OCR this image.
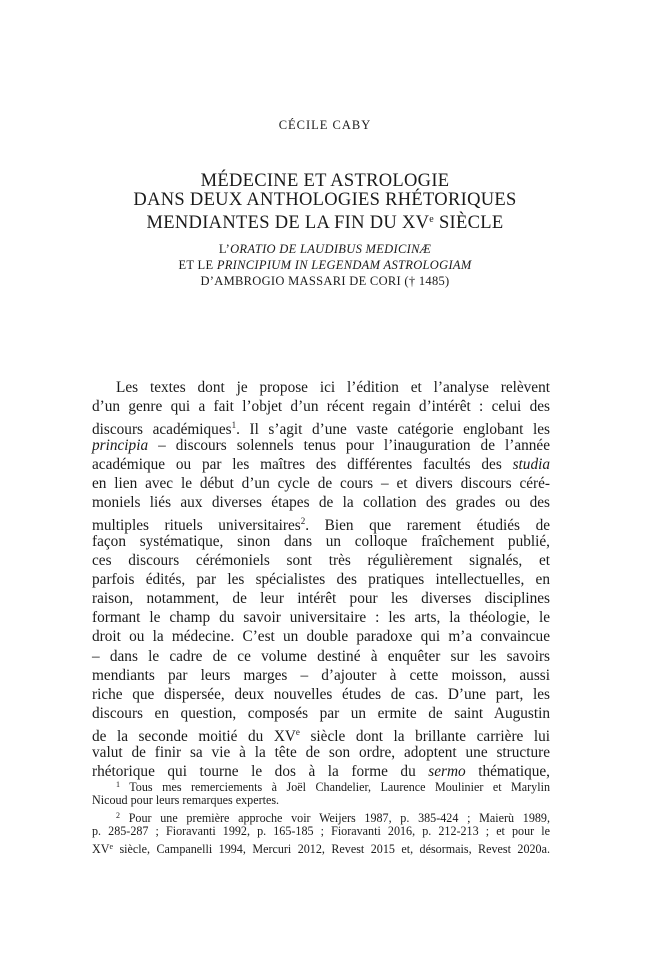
CÉCILE CABY
MÉDECINE ET ASTROLOGIE
DANS DEUX ANTHOLOGIES RHÉTORIQUES
MENDIANTES DE LA FIN DU XVe SIÈCLE
L’ORATIO DE LAUDIBUS MEDICINÆ
ET LE PRINCIPIUM IN LEGENDAM ASTROLOGIAM
D’AMBROGIO MASSARI DE CORI († 1485)
Les textes dont je propose ici l’édition et l’analyse relèvent
d’un genre qui a fait l’objet d’un récent regain d’intérêt : celui des
discours académiques$^1$. Il s’agit d’une vaste catégorie englobant les
principia – discours solennels tenus pour l’inauguration de l’année
académique ou par les maîtres des différentes facultés des studia
en lien avec le début d’un cycle de cours – et divers discours céré-
moniels liés aux diverses étapes de la collation des grades ou des
multiples rituels universitaires$^2$. Bien que rarement étudiés de
façon systématique, sinon dans un colloque fraîchement publié,
ces discours cérémoniels sont très régulièrement signalés, et
parfois édités, par les spécialistes des pratiques intellectuelles, en
raison, notamment, de leur intérêt pour les diverses disciplines
formant le champ du savoir universitaire : les arts, la théologie, le
droit ou la médecine. C’est un double paradoxe qui m’a convaincue
– dans le cadre de ce volume destiné à enquêter sur les savoirs
mendiants par leurs marges – d’ajouter à cette moisson, aussi
riche que dispersée, deux nouvelles études de cas. D’une part, les
discours en question, composés par un ermite de saint Augustin
de la seconde moitié du XVe siècle dont la brillante carrière lui
valut de finir sa vie à la tête de son ordre, adoptent une structure
rhétorique qui tourne le dos à la forme du sermo thématique,
$^1$ Tous mes remerciements à Joël Chandelier, Laurence Moulinier et Marylin
Nicoud pour leurs remarques expertes.
$^2$ Pour une première approche voir Weijers 1987, p. 385-424 ; Maierù 1989,
p. 285-287 ; Fioravanti 1992, p. 165-185 ; Fioravanti 2016, p. 212-213 ; et pour le
XVe siècle, Campanelli 1994, Mercuri 2012, Revest 2015 et, désormais, Revest 2020a.
